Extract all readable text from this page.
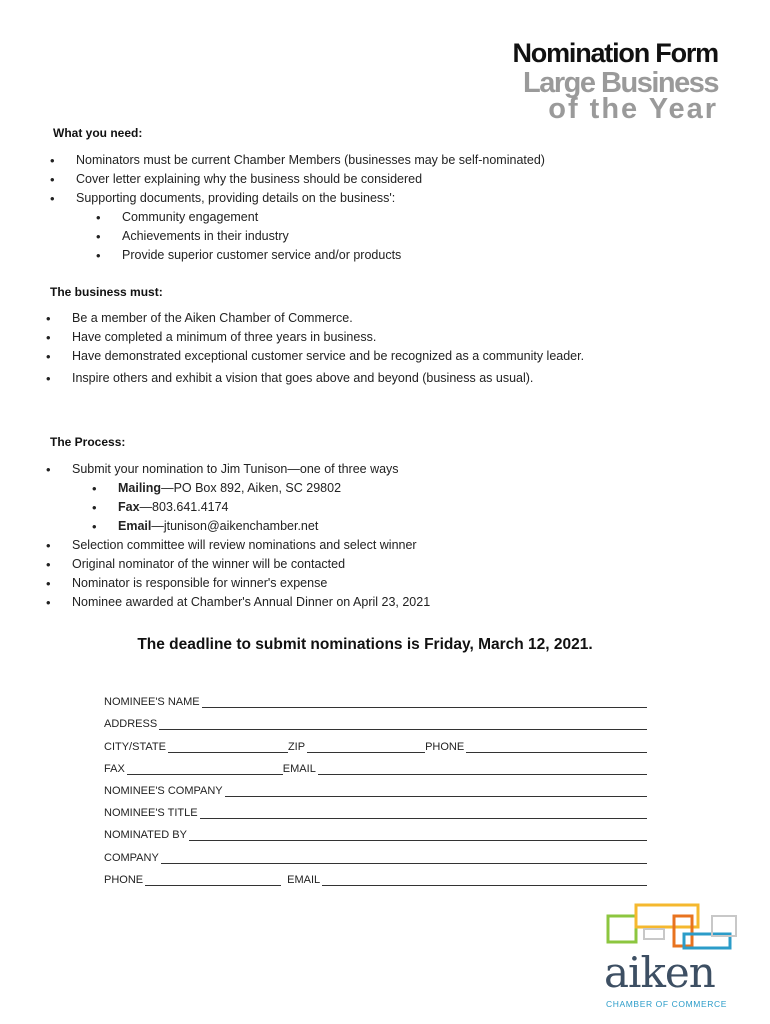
Nomination Form
Large Business
of the Year
What you need:
• Nominators must be current Chamber Members (businesses may be self-nominated)
• Cover letter explaining why the business should be considered
• Supporting documents, providing details on the business':
• Community engagement
• Achievements in their industry
• Provide superior customer service and/or products
The business must:
• Be a member of the Aiken Chamber of Commerce.
• Have completed a minimum of three years in business.
• Have demonstrated exceptional customer service and be recognized as a community leader.
• Inspire others and exhibit a vision that goes above and beyond (business as usual).
The Process:
• Submit your nomination to Jim Tunison—one of three ways
• Mailing—PO Box 892, Aiken, SC 29802
• Fax—803.641.4174
• Email—jtunison@aikenchamber.net
• Selection committee will review nominations and select winner
• Original nominator of the winner will be contacted
• Nominator is responsible for winner's expense
• Nominee awarded at Chamber's Annual Dinner on April 23, 2021
The deadline to submit nominations is Friday, March 12, 2021.
NOMINEE'S NAME
ADDRESS
CITY/STATE	ZIP	PHONE
FAX	EMAIL
NOMINEE'S COMPANY
NOMINEE'S TITLE
NOMINATED BY
COMPANY
PHONE	EMAIL
aiken
CHAMBER OF COMMERCE
